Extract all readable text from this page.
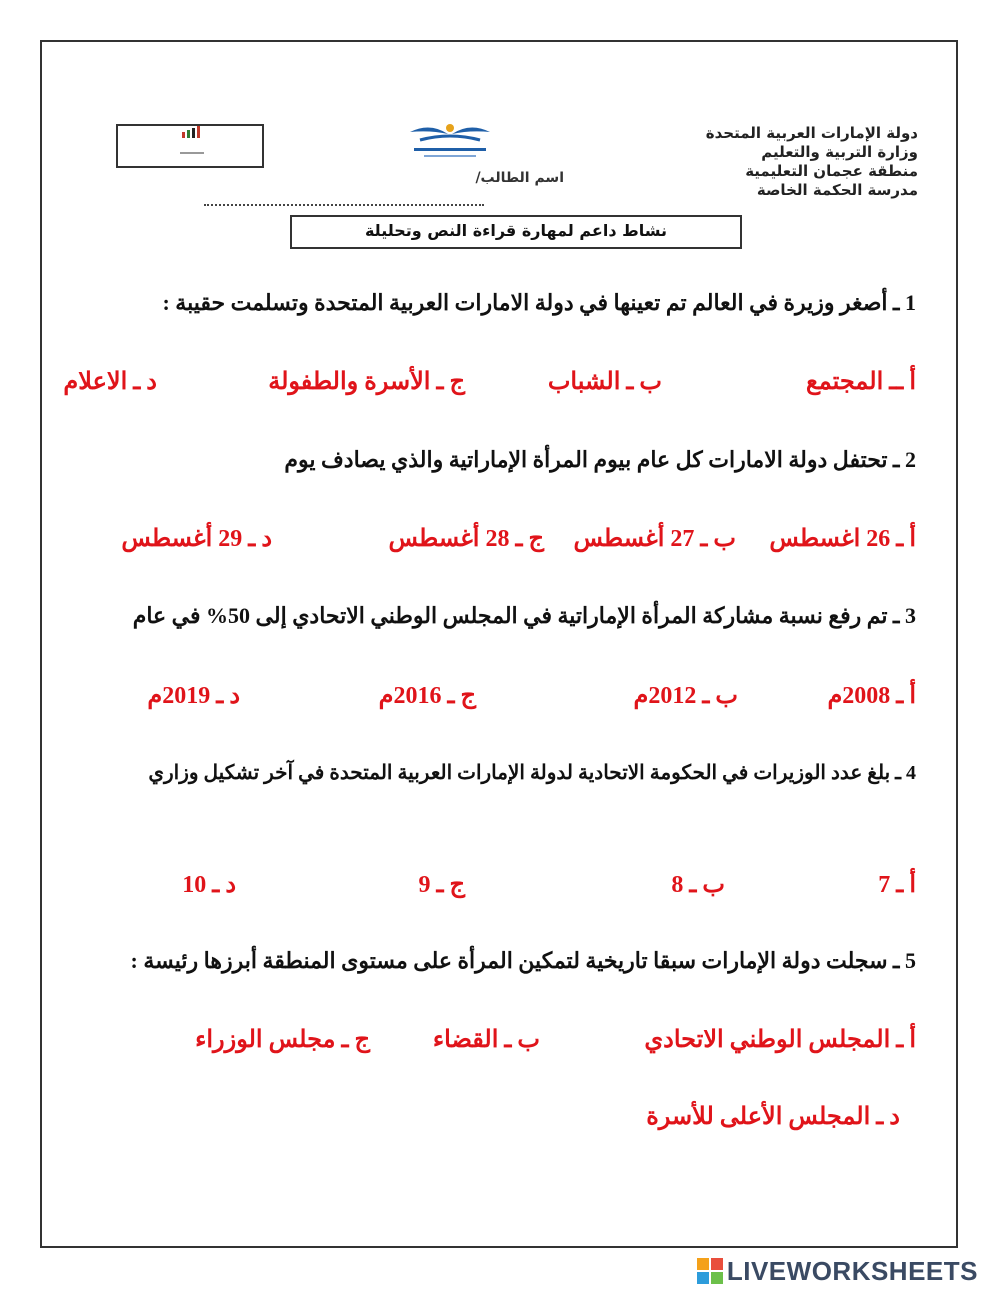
دولة الإمارات العربية المتحدة
وزارة التربية والتعليم
منطقة عجمان التعليمية
مدرسة الحكمة الخاصة
اسم الطالب/
نشاط داعم لمهارة قراءة النص وتحليلة
1 ـ أصغر وزيرة في العالم تم تعينها في دولة الامارات العربية المتحدة وتسلمت حقيبة :
أ ــ المجتمع
ب ـ الشباب
ج ـ الأسرة والطفولة
د ـ الاعلام
2 ـ تحتفل دولة الامارات كل عام بيوم المرأة الإماراتية والذي يصادف يوم
أ ـ 26 اغسطس
ب ـ 27 أغسطس
ج ـ 28 أغسطس
د ـ 29 أغسطس
3 ـ تم رفع نسبة مشاركة المرأة الإماراتية في المجلس الوطني الاتحادي إلى 50% في عام
أ ـ 2008م
ب ـ 2012م
ج ـ 2016م
د ـ 2019م
4 ـ بلغ عدد الوزيرات في الحكومة الاتحادية لدولة الإمارات العربية المتحدة في آخر تشكيل وزاري
أ ـ 7
ب ـ 8
ج ـ 9
د ـ 10
5 ـ سجلت دولة الإمارات سبقا تاريخية لتمكين المرأة على مستوى المنطقة أبرزها رئيسة :
أ ـ المجلس الوطني الاتحادي
ب ـ القضاء
ج ـ مجلس الوزراء
د ـ المجلس الأعلى للأسرة
LIVEWORKSHEETS
